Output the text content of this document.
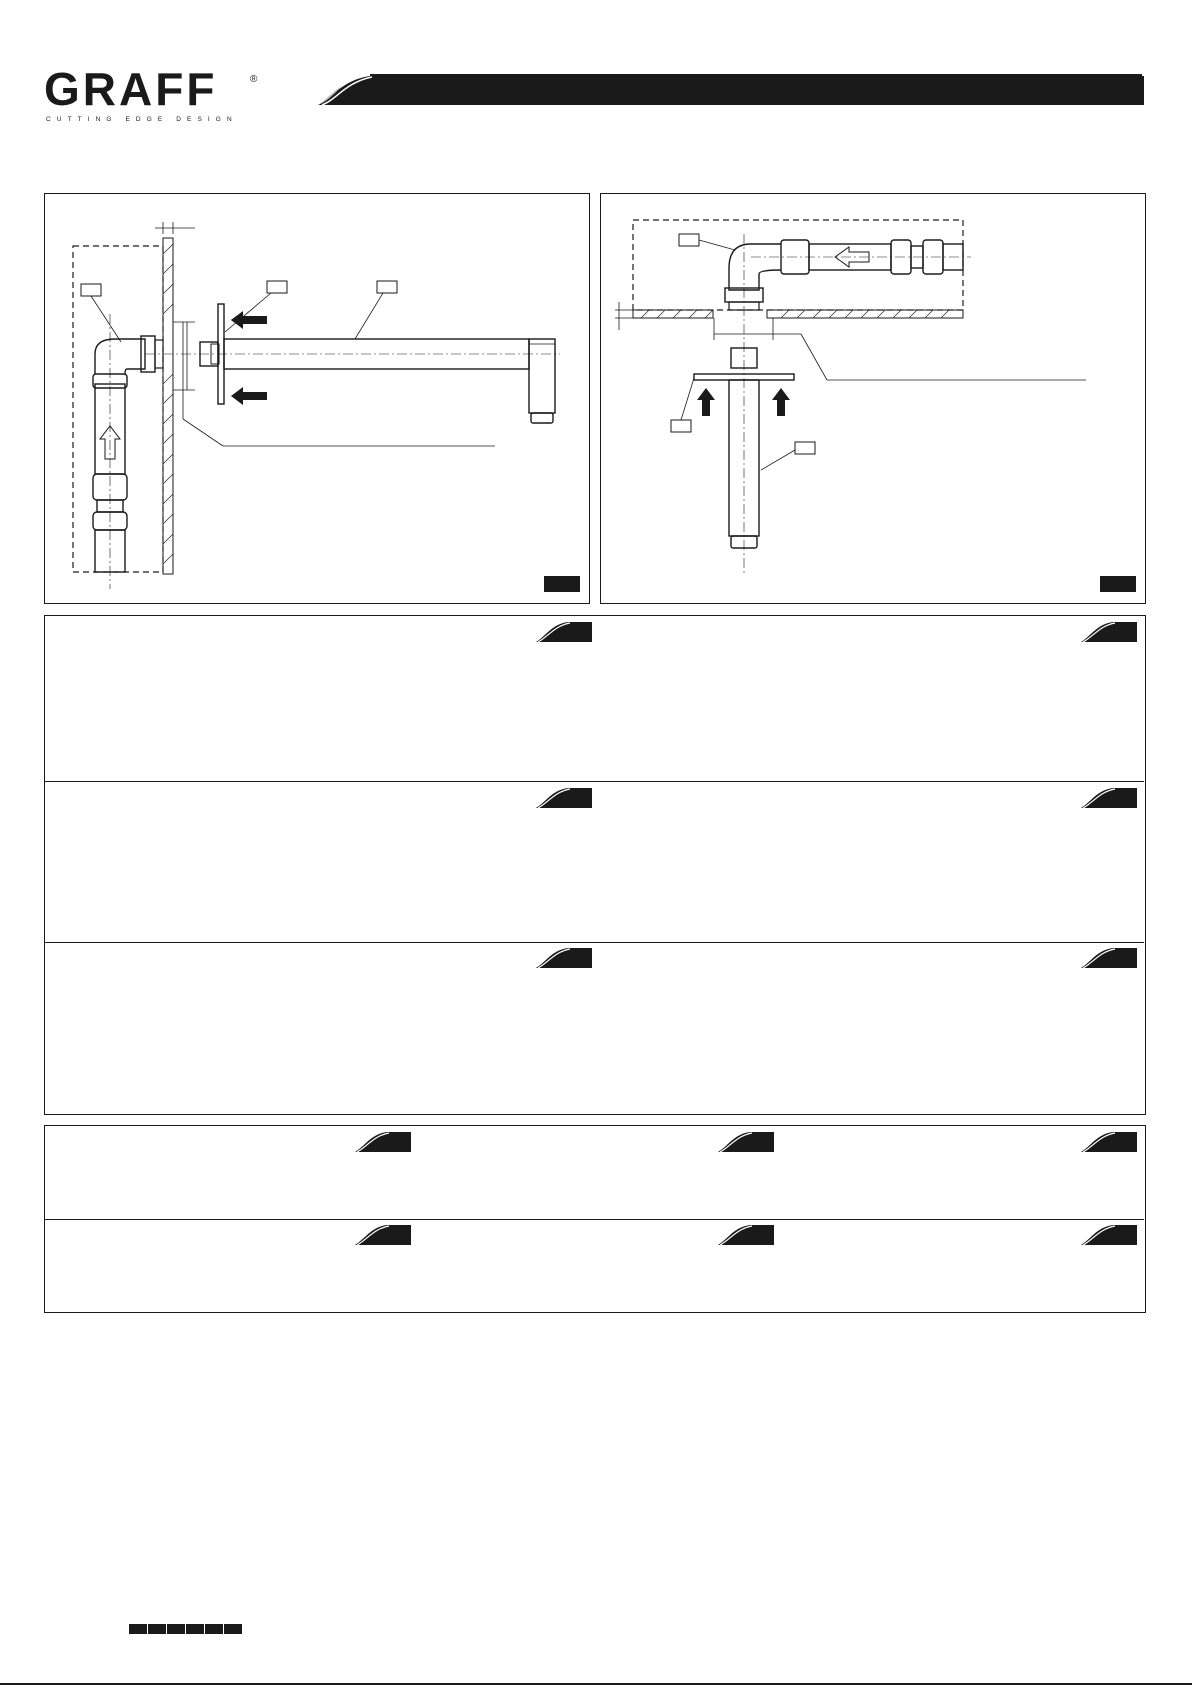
GRAFF	®
CUTTING EDGE DESIGN
